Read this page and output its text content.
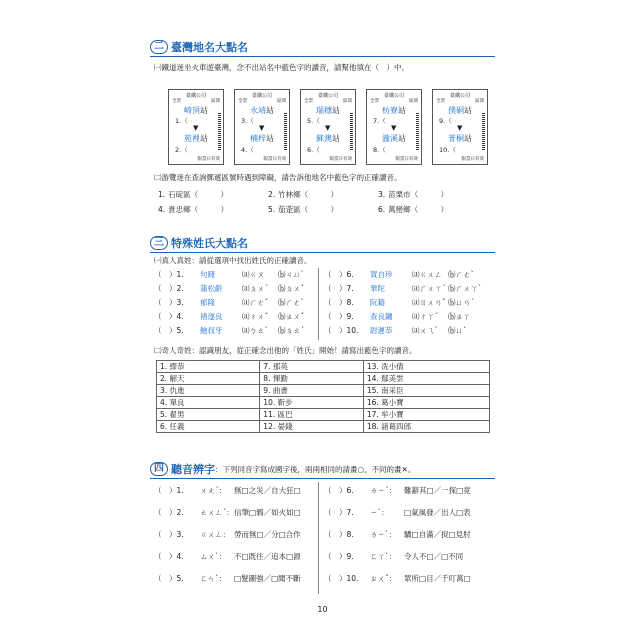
二 臺灣地名大點名
㈠鐵道迷坐火車遊臺灣，念不出站名中藍色字的讀音，請幫他填在（　）中。
臺鐵公司
全票	區間
崎頂站
1.（
▼
苑裡站
2.（
限當日有效
臺鐵公司
全票	區間
永靖站
3.（
▼
楠梓站
4.（
限當日有效
臺鐵公司
全票	區間
瑞穗站
5.（
▼
蘇澳站
6.（
限當日有效
臺鐵公司
全票	區間
枋寮站
7.（
▼
瀧溪站
8.（
限當日有效
臺鐵公司
全票	區間
僕硐站
9.（
▼
菁桐站
10.（
限當日有效
㈡游覽迷在查詢郵遞區號時遇到障礙，請告訴他地名中藍色字的正確讀音。
1. 石碇區（　　　）	2. 竹林鄉（　　　）	3. 苗栗市（　　　）
4. 貴忠鄉（　　　）	5. 茄萣區（　　　）	6. 萬巒鄉（　　　）
三 特殊姓氏大點名
㈠真人真姓：請從選項中找出姓氏的正確讀音。
（　）1. 句踐	⒜ㄍㄡ ⒝ㄐㄩˋ
（　）2. 蒲松齡	⒜ㄆㄨˊ ⒝ㄆㄨˇ
（　）3. 郁隆	⒜ㄏㄜˇ ⒝ㄏㄜˋ
（　）4. 褚遂良	⒜ㄔㄨˇ ⒝ㄓㄨˇ
（　）5. 鮑叔牙	⒜ㄅㄠˋ ⒝ㄆㄠˊ
（　）6. 賀自珍	⒜ㄍㄨㄥ ⒝ㄏㄜˋ
（　）7. 華陀	⒜ㄏㄨㄚˊ ⒝ㄏㄨㄚˋ
（　）8. 阮籍	⒜ㄖㄨㄢˇ ⒝ㄩㄢˊ
（　）9. 查良鏞	⒜ㄔㄚˊ ⒝ㄓㄚ
（　）10. 尉遲恭	⒜ㄨㄟˋ ⒝ㄩˋ
㈡奇人奇姓：認識朋友，從正確念出他的「姓氏」開始！請寫出藍色字的讀音。
1. 繆恭	7. 那英	13. 冼小倩
2. 解天	8. 惲勤	14. 鄢美雲
3. 仇進	9. 曲書	15. 南采臣
4. 單良	10. 靳步	16. 葛小寶
5. 翟男	11. 區巴	17. 牟小寶
6. 任義	12. 晏錢	18. 諸葛四郎
四 聽音辨字 ：下列同音字寫成國字後，兩兩相同的請畫○，不同的畫✕。
（　）1. ㄨㄤˊ： 無□之災／自大狂□
（　）2. ㄊㄨㄥˊ：信筆□鴉／如火如□
（　）3. ㄍㄨㄥ： 勞而無□／分□合作
（　）4. ㄙㄨˋ： 不□既往／追本□源
（　）5. ㄈㄣˋ： □髮圖強／□聞不斷
（　）6. ㄌㄧˊ： 難辭其□／一探□竟
（　）7. ㄧˋ： □氣風發／出人□表
（　）8. ㄌㄧˋ： 驕□自滿／捉□見肘
（　）9. ㄈㄚˋ： 令人不□／□不同
（　）10. ㄓㄨˇ： 眾所□目／千叮萬□
10
